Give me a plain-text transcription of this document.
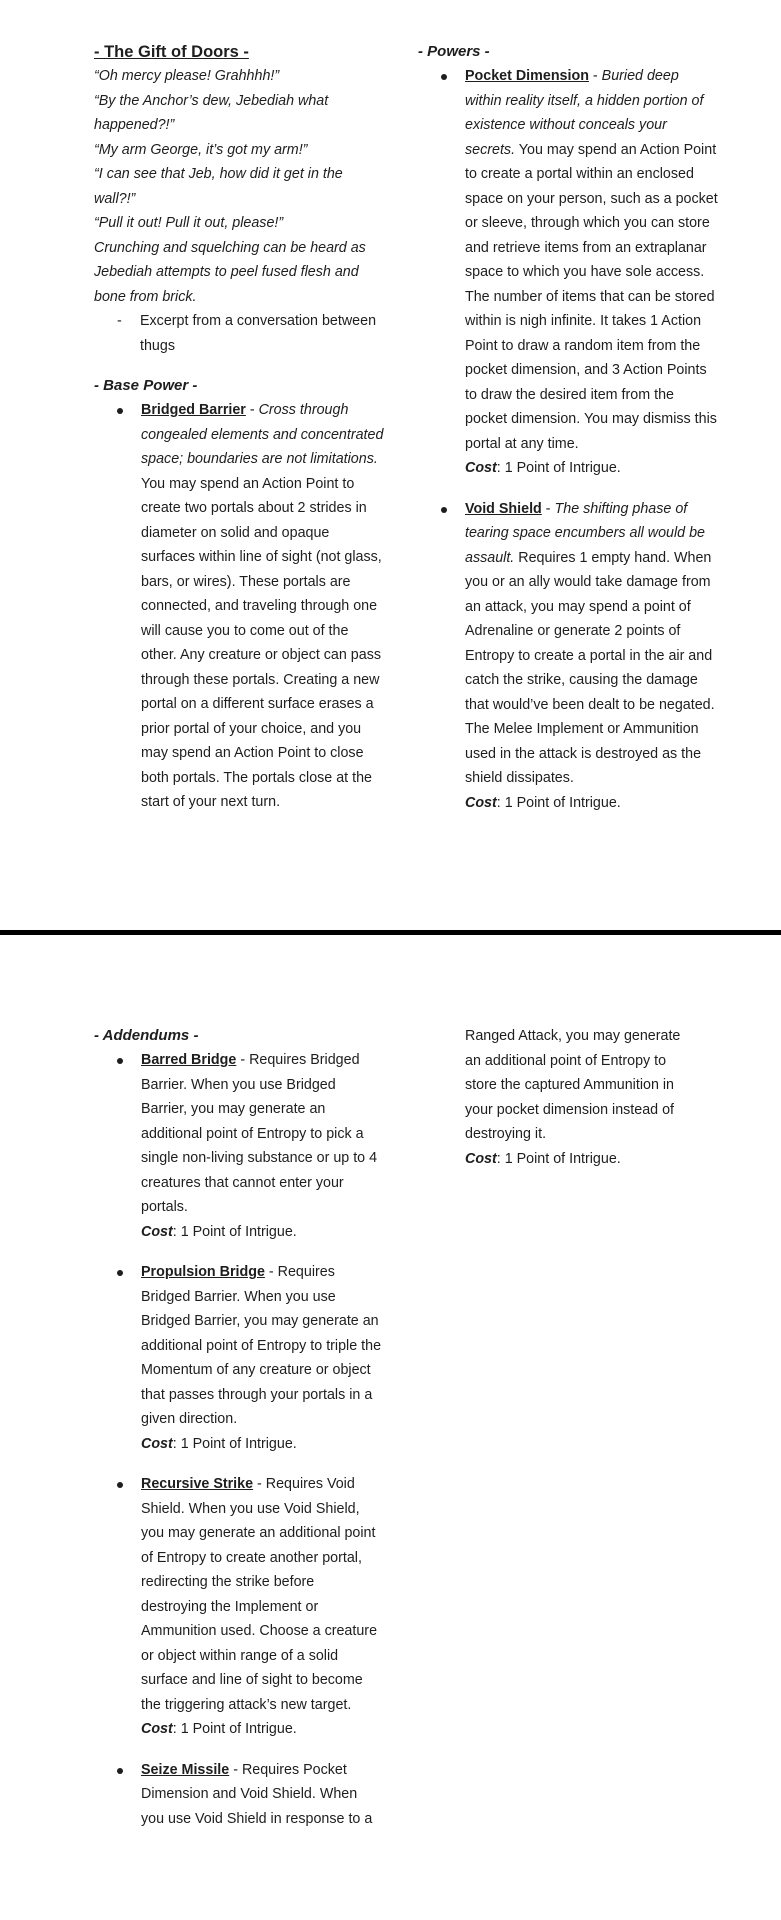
- The Gift of Doors -

“Oh mercy please! Grahhhh!”

“By the Anchor’s dew, Jebediah what happened?!”

“My arm George, it’s got my arm!”

“I can see that Jeb, how did it get in the wall?!”

“Pull it out! Pull it out, please!”

Crunching and squelching can be heard as Jebediah attempts to peel fused flesh and bone from brick.

-	Excerpt from a conversation between thugs
- Base Power -
Bridged Barrier - Cross through congealed elements and concentrated space; boundaries are not limitations. You may spend an Action Point to create two portals about 2 strides in diameter on solid and opaque surfaces within line of sight (not glass, bars, or wires). These portals are connected, and traveling through one will cause you to come out of the other. Any creature or object can pass through these portals. Creating a new portal on a different surface erases a prior portal of your choice, and you may spend an Action Point to close both portals. The portals close at the start of your next turn.
- Powers -
Pocket Dimension - Buried deep within reality itself, a hidden portion of existence without conceals your secrets. You may spend an Action Point to create a portal within an enclosed space on your person, such as a pocket or sleeve, through which you can store and retrieve items from an extraplanar space to which you have sole access. The number of items that can be stored within is nigh infinite. It takes 1 Action Point to draw a random item from the pocket dimension, and 3 Action Points to draw the desired item from the pocket dimension. You may dismiss this portal at any time.

Cost: 1 Point of Intrigue.

Void Shield - The shifting phase of tearing space encumbers all would be assault. Requires 1 empty hand. When you or an ally would take damage from an attack, you may spend a point of Adrenaline or generate 2 points of Entropy to create a portal in the air and catch the strike, causing the damage that would’ve been dealt to be negated. The Melee Implement or Ammunition used in the attack is destroyed as the shield dissipates.

Cost: 1 Point of Intrigue.

- Addendums -
Barred Bridge - Requires Bridged Barrier. When you use Bridged Barrier, you may generate an additional point of Entropy to pick a single non-living substance or up to 4 creatures that cannot enter your portals.

Cost: 1 Point of Intrigue.

Propulsion Bridge - Requires Bridged Barrier. When you use Bridged Barrier, you may generate an additional point of Entropy to triple the Momentum of any creature or object that passes through your portals in a given direction.

Cost: 1 Point of Intrigue.

Recursive Strike - Requires Void Shield. When you use Void Shield, you may generate an additional point of Entropy to create another portal, redirecting the strike before destroying the Implement or Ammunition used. Choose a creature or object within range of a solid surface and line of sight to become the triggering attack’s new target.

Cost: 1 Point of Intrigue.

Seize Missile - Requires Pocket Dimension and Void Shield. When you use Void Shield in response to a

Ranged Attack, you may generate an additional point of Entropy to store the captured Ammunition in your pocket dimension instead of destroying it.

Cost: 1 Point of Intrigue.
